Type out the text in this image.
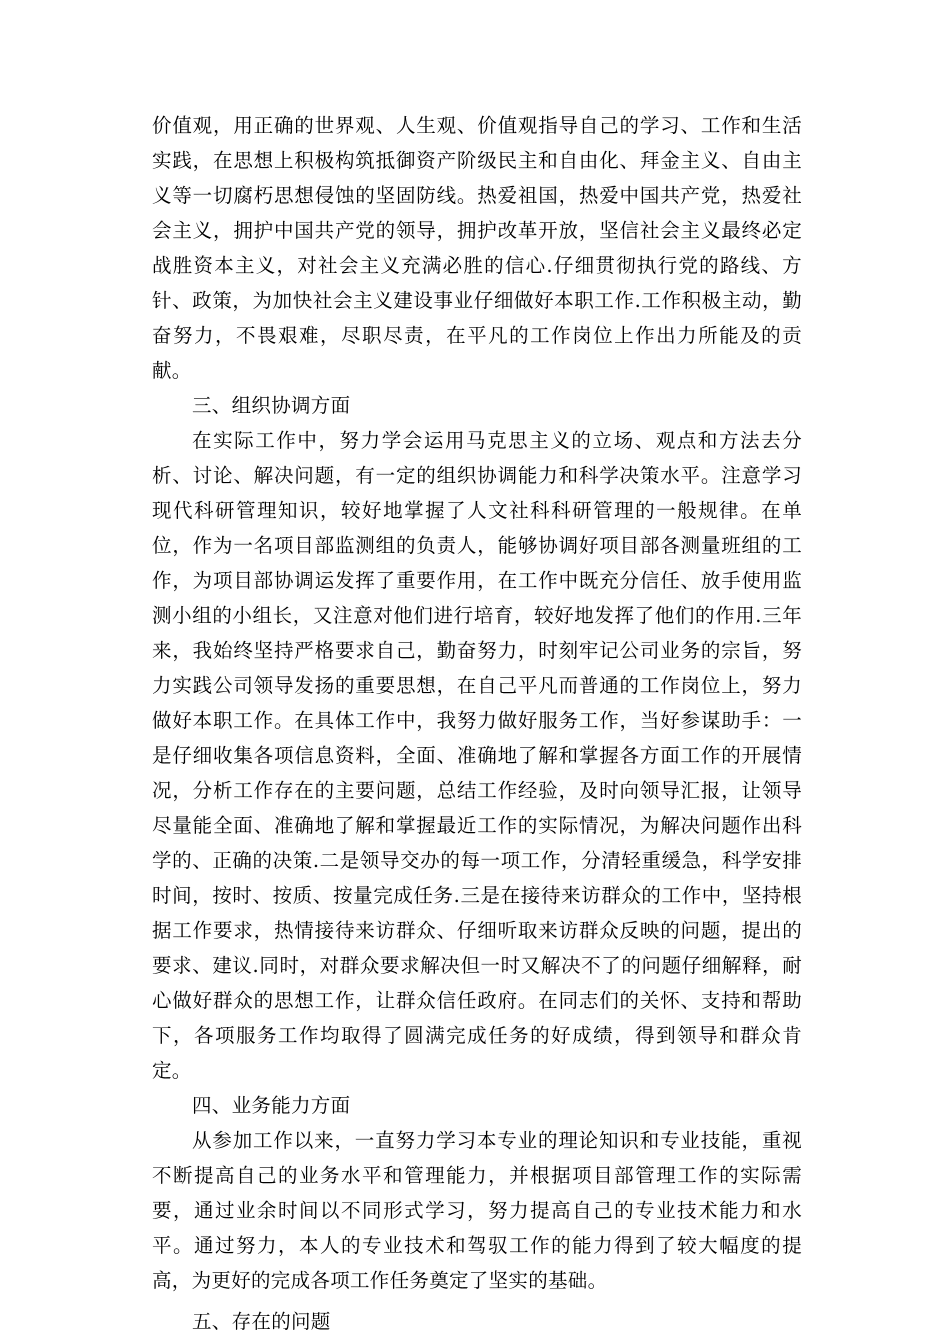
价值观，用正确的世界观、人生观、价值观指导自己的学习、工作和生活实践，在思想上积极构筑抵御资产阶级民主和自由化、拜金主义、自由主义等一切腐朽思想侵蚀的坚固防线。热爱祖国，热爱中国共产党，热爱社会主义，拥护中国共产党的领导，拥护改革开放，坚信社会主义最终必定战胜资本主义，对社会主义充满必胜的信心.仔细贯彻执行党的路线、方针、政策，为加快社会主义建设事业仔细做好本职工作.工作积极主动，勤奋努力，不畏艰难，尽职尽责，在平凡的工作岗位上作出力所能及的贡献。

三、组织协调方面

在实际工作中，努力学会运用马克思主义的立场、观点和方法去分析、讨论、解决问题，有一定的组织协调能力和科学决策水平。注意学习现代科研管理知识，较好地掌握了人文社科科研管理的一般规律。在单位，作为一名项目部监测组的负责人，能够协调好项目部各测量班组的工作，为项目部协调运发挥了重要作用，在工作中既充分信任、放手使用监测小组的小组长，又注意对他们进行培育，较好地发挥了他们的作用.三年来，我始终坚持严格要求自己，勤奋努力，时刻牢记公司业务的宗旨，努力实践公司领导发扬的重要思想，在自己平凡而普通的工作岗位上，努力做好本职工作。在具体工作中，我努力做好服务工作，当好参谋助手：一是仔细收集各项信息资料，全面、准确地了解和掌握各方面工作的开展情况，分析工作存在的主要问题，总结工作经验，及时向领导汇报，让领导尽量能全面、准确地了解和掌握最近工作的实际情况，为解决问题作出科学的、正确的决策.二是领导交办的每一项工作，分清轻重缓急，科学安排时间，按时、按质、按量完成任务.三是在接待来访群众的工作中，坚持根据工作要求，热情接待来访群众、仔细听取来访群众反映的问题，提出的要求、建议.同时，对群众要求解决但一时又解决不了的问题仔细解释，耐心做好群众的思想工作，让群众信任政府。在同志们的关怀、支持和帮助下，各项服务工作均取得了圆满完成任务的好成绩，得到领导和群众肯定。

四、业务能力方面

从参加工作以来，一直努力学习本专业的理论知识和专业技能，重视不断提高自己的业务水平和管理能力，并根据项目部管理工作的实际需要，通过业余时间以不同形式学习，努力提高自己的专业技术能力和水平。通过努力，本人的专业技术和驾驭工作的能力得到了较大幅度的提高，为更好的完成各项工作任务奠定了坚实的基础。

五、存在的问题
